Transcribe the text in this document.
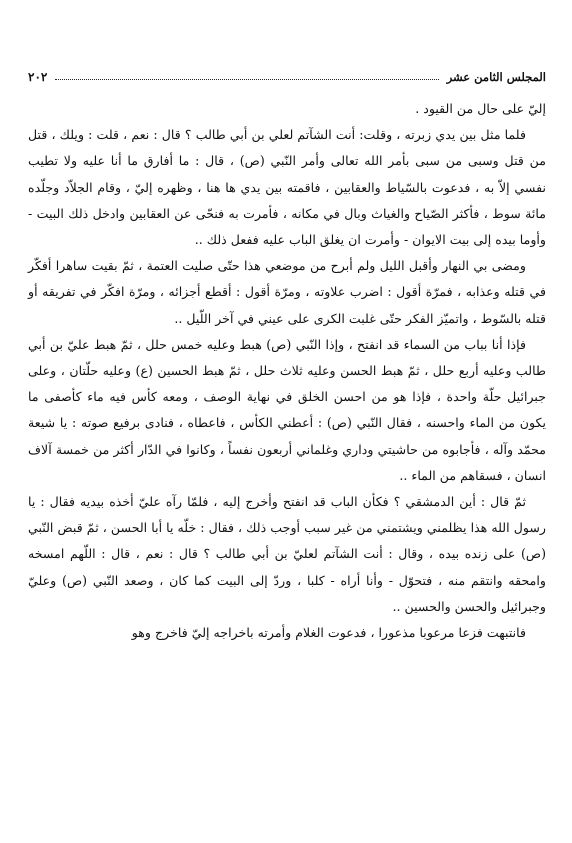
المجلس الثامن عشر
٢٠٢

إليّ على حال من القيود .

فلما مثل بين يدي زبرته ، وقلت: أنت الشآتم لعلي بن أبي طالب ؟ قال : نعم ، قلت : ويلك ، قتل من قتل وسبى من سبى بأمر الله تعالى وأمر النّبي (ص) ، قال : ما أفارق ما أنا عليه ولا تطيب نفسي إلاّ به ، فدعوت بالسّياط والعقابين ، فاقمته بين يدي ها هنا ، وظهره إليّ ، وقام الجلاّد وجلّده مائة سوط ، فأكثر الصّياح والغياث وبال في مكانه ، فأمرت به فنحّى عن العقابين وادخل ذلك البيت - وأوما بيده إلى بيت الايوان - وأمرت ان يغلق الباب عليه ففعل ذلك ..

ومضى بي النهار وأقبل الليل ولم أبرح من موضعي هذا حتّى صليت العتمة ، ثمّ بقيت ساهرا أفكّر في قتله وعذابه ، فمرّة أقول : اضرب علاوته ، ومرّة أقول : أقطع أجزائه ، ومرّة افكّر في تفريقه أو قتله بالسّوط ، واتميّز الفكر حتّى غلبت الكرى على عيني في آخر اللّيل ..

فإذا أنا بباب من السماء قد انفتح ، وإذا النّبي (ص) هبط وعليه خمس حلل ، ثمّ هبط عليّ بن أبي طالب وعليه أربع حلل ، ثمّ هبط الحسن وعليه ثلاث حلل ، ثمّ هبط الحسين (ع) وعليه حلّتان ، وعلى جبرائيل حلّة واحدة ، فإذا هو من احسن الخلق في نهاية الوصف ، ومعه كأس فيه ماء كأصفى ما يكون من الماء واحسنه ، فقال النّبي (ص) : أعطني الكأس ، فاعطاه ، فنادى برفيع صوته : يا شيعة محمّد وآله ، فأجابوه من حاشيتي وداري وغلماني أربعون نفساً ، وكانوا في الدّار أكثر من خمسة آلاف انسان ، فسقاهم من الماء ..

ثمّ قال : أين الدمشقي ؟ فكأن الباب قد انفتح وأخرج إليه ، فلمّا رآه عليّ أخذه بيديه فقال : يا رسول الله هذا يظلمني ويشتمني من غير سبب أوجب ذلك ، فقال : خلّه يا أبا الحسن ، ثمّ قبض النّبي (ص) على زنده بيده ، وقال : أنت الشآتم لعليّ بن أبي طالب ؟ قال : نعم ، قال : اللّهم امسخه وامحقه وانتقم منه ، فتحوّل - وأنا أراه - كلبا ، وردّ إلى البيت كما كان ، وصعد النّبي (ص) وعليّ وجبرائيل والحسن والحسين ..

فانتبهت فزعا مرعوبا مذعورا ، فدعوت الغلام وأمرته باخراجه إليّ فاخرج وهو
